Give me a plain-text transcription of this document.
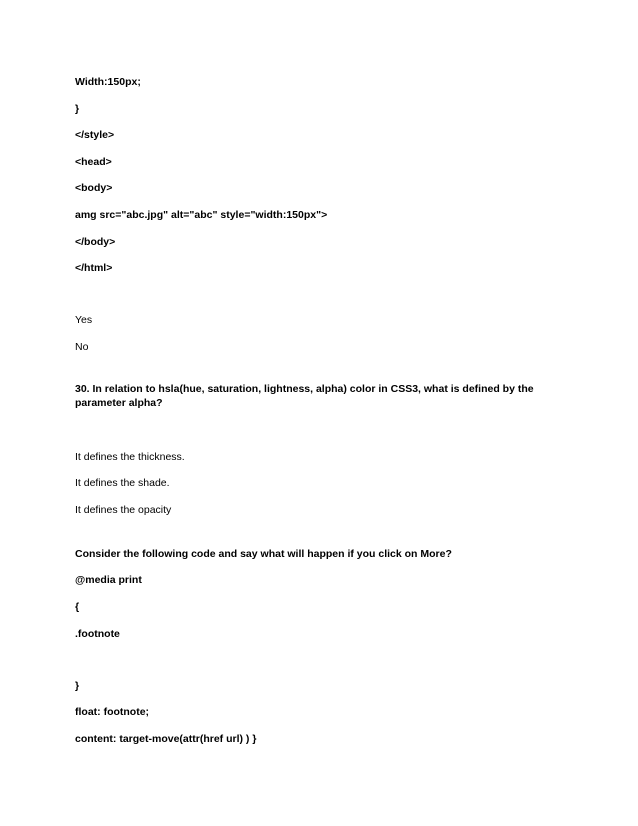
Width:150px;
}
</style>
<head>
<body>
amg src="abc.jpg" alt="abc" style="width:150px">
</body>
</html>
Yes
No
30. In relation to hsla(hue, saturation, lightness, alpha) color in CSS3, what is defined by the parameter alpha?
It defines the thickness.
It defines the shade.
It defines the opacity
Consider the following code and say what will happen if you click on More?
@media print
{
.footnote
}
float: footnote;
content: target-move(attr(href url) ) }
